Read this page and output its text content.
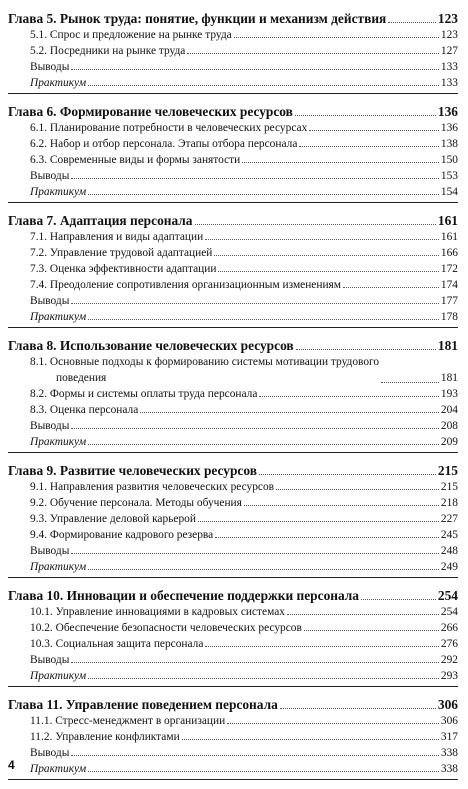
Глава 5. Рынок труда: понятие, функции и механизм действия	123
5.1. Спрос и предложение на рынке труда	123
5.2. Посредники на рынке труда	127
Выводы	133
Практикум	133
Глава 6. Формирование человеческих ресурсов	136
6.1. Планирование потребности в человеческих ресурсах	136
6.2. Набор и отбор персонала. Этапы отбора персонала	138
6.3. Современные виды и формы занятости	150
Выводы	153
Практикум	154
Глава 7. Адаптация персонала	161
7.1. Направления и виды адаптации	161
7.2. Управление трудовой адаптацией	166
7.3. Оценка эффективности адаптации	172
7.4. Преодоление сопротивления организационным изменениям	174
Выводы	177
Практикум	178
Глава 8. Использование человеческих ресурсов	181
8.1. Основные подходы к формированию системы мотивации трудового
поведения	181
8.2. Формы и системы оплаты труда персонала	193
8.3. Оценка персонала	204
Выводы	208
Практикум	209
Глава 9. Развитие человеческих ресурсов	215
9.1. Направления развития человеческих ресурсов	215
9.2. Обучение персонала. Методы обучения	218
9.3. Управление деловой карьерой	227
9.4. Формирование кадрового резерва	245
Выводы	248
Практикум	249
Глава 10. Инновации и обеспечение поддержки персонала	254
10.1. Управление инновациями в кадровых системах	254
10.2. Обеспечение безопасности человеческих ресурсов	266
10.3. Социальная защита персонала	276
Выводы	292
Практикум	293
Глава 11. Управление поведением персонала	306
11.1. Стресс-менеджмент в организации	306
11.2. Управление конфликтами	317
Выводы	338
Практикум	338
4
